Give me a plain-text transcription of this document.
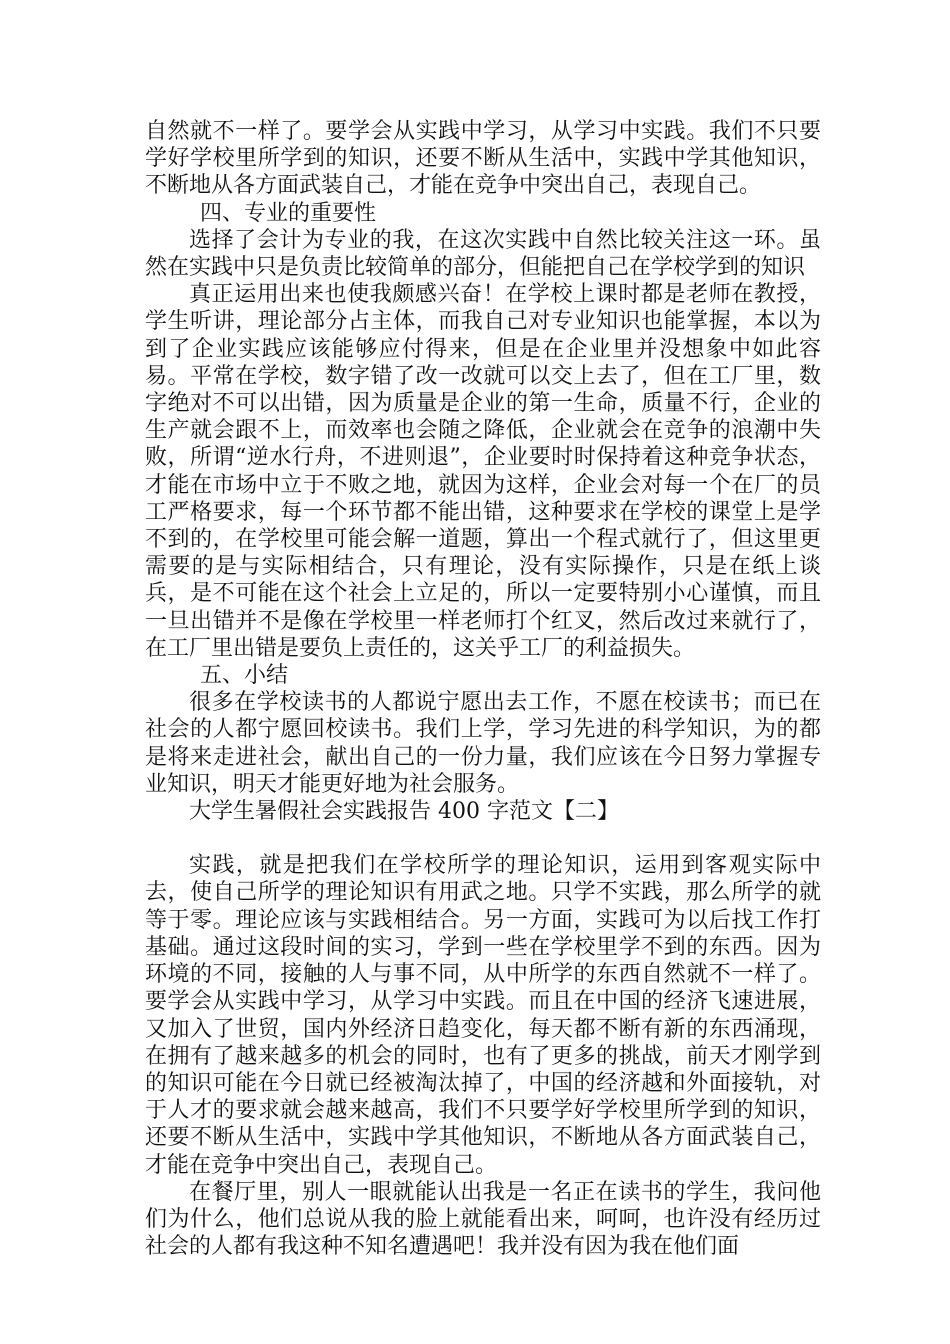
自然就不一样了。要学会从实践中学习，从学习中实践。我们不只要学好学校里所学到的知识，还要不断从生活中，实践中学其他知识，不断地从各方面武装自己，才能在竞争中突出自己，表现自己。

四、专业的重要性

选择了会计为专业的我，在这次实践中自然比较关注这一环。虽然在实践中只是负责比较简单的部分，但能把自己在学校学到的知识

真正运用出来也使我颇感兴奋！在学校上课时都是老师在教授，学生听讲，理论部分占主体，而我自己对专业知识也能掌握，本以为到了企业实践应该能够应付得来，但是在企业里并没想象中如此容易。平常在学校，数字错了改一改就可以交上去了，但在工厂里，数字绝对不可以出错，因为质量是企业的第一生命，质量不行，企业的生产就会跟不上，而效率也会随之降低，企业就会在竞争的浪潮中失败，所谓“逆水行舟，不进则退”，企业要时时保持着这种竞争状态，才能在市场中立于不败之地，就因为这样，企业会对每一个在厂的员工严格要求，每一个环节都不能出错，这种要求在学校的课堂上是学不到的，在学校里可能会解一道题，算出一个程式就行了，但这里更需要的是与实际相结合，只有理论，没有实际操作，只是在纸上谈兵，是不可能在这个社会上立足的，所以一定要特别小心谨慎，而且一旦出错并不是像在学校里一样老师打个红叉，然后改过来就行了，在工厂里出错是要负上责任的，这关乎工厂的利益损失。

五、小结

很多在学校读书的人都说宁愿出去工作，不愿在校读书；而已在社会的人都宁愿回校读书。我们上学，学习先进的科学知识，为的都是将来走进社会，献出自己的一份力量，我们应该在今日努力掌握专业知识，明天才能更好地为社会服务。

大学生暑假社会实践报告 400 字范文【二】

实践，就是把我们在学校所学的理论知识，运用到客观实际中去，使自己所学的理论知识有用武之地。只学不实践，那么所学的就等于零。理论应该与实践相结合。另一方面，实践可为以后找工作打基础。通过这段时间的实习，学到一些在学校里学不到的东西。因为环境的不同，接触的人与事不同，从中所学的东西自然就不一样了。要学会从实践中学习，从学习中实践。而且在中国的经济飞速进展，又加入了世贸，国内外经济日趋变化，每天都不断有新的东西涌现，在拥有了越来越多的机会的同时，也有了更多的挑战，前天才刚学到的知识可能在今日就已经被淘汰掉了，中国的经济越和外面接轨，对于人才的要求就会越来越高，我们不只要学好学校里所学到的知识，还要不断从生活中，实践中学其他知识，不断地从各方面武装自己，才能在竞争中突出自己，表现自己。

在餐厅里，别人一眼就能认出我是一名正在读书的学生，我问他们为什么，他们总说从我的脸上就能看出来，呵呵，也许没有经历过社会的人都有我这种不知名遭遇吧！我并没有因为我在他们面
